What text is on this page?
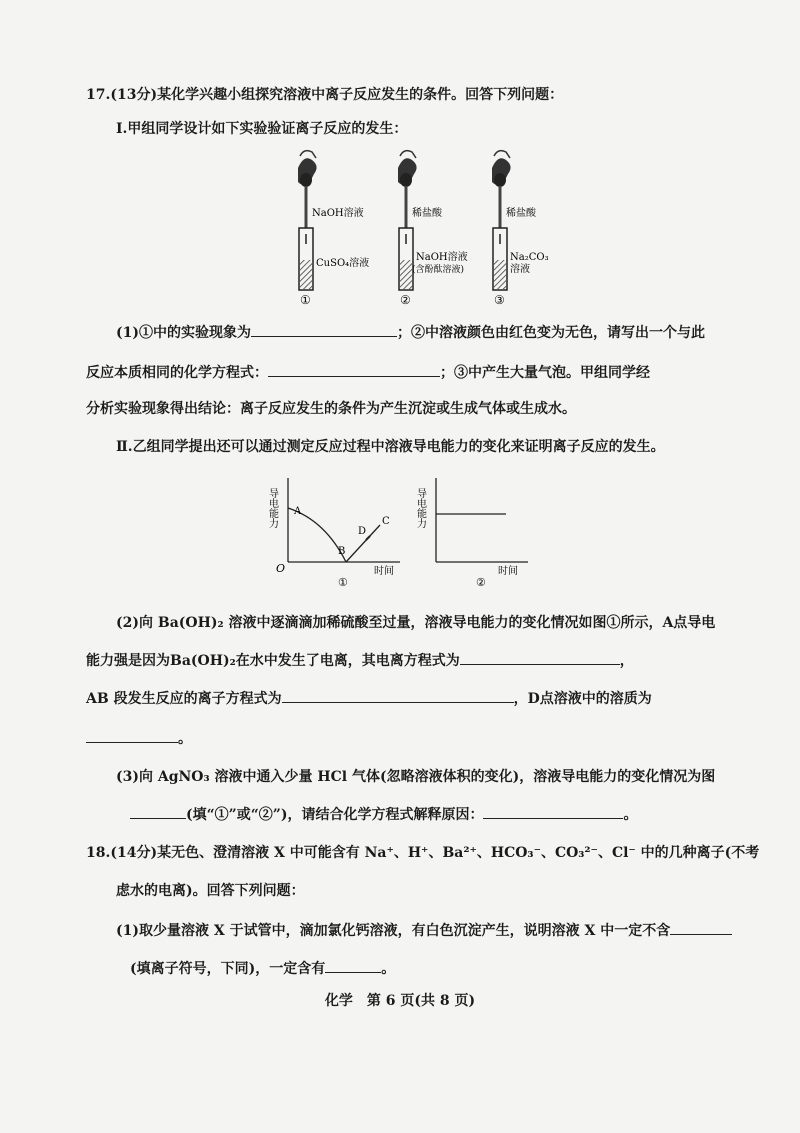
17.(13分)某化学兴趣小组探究溶液中离子反应发生的条件。回答下列问题：
Ⅰ.甲组同学设计如下实验验证离子反应的发生：
NaOH溶液
CuSO₄溶液
①
稀盐酸
NaOH溶液
(含酚酞溶液)
②
稀盐酸
Na₂CO₃
溶液
③
(1)①中的实验现象为	；②中溶液颜色由红色变为无色，请写出一个与此
反应本质相同的化学方程式：	；③中产生大量气泡。甲组同学经
分析实验现象得出结论：离子反应发生的条件为产生沉淀或生成气体或生成水。
Ⅱ.乙组同学提出还可以通过测定反应过程中溶液导电能力的变化来证明离子反应的发生。
导电能力
O
A
B
C
D
时间
①
导电能力
时间
②
(2)向 Ba(OH)₂ 溶液中逐滴滴加稀硫酸至过量，溶液导电能力的变化情况如图①所示，A点导电
能力强是因为Ba(OH)₂在水中发生了电离，其电离方程式为	，
AB 段发生反应的离子方程式为	，D点溶液中的溶质为
。
(3)向 AgNO₃ 溶液中通入少量 HCl 气体(忽略溶液体积的变化)，溶液导电能力的变化情况为图
(填“①”或“②”)，请结合化学方程式解释原因：	。
18.(14分)某无色、澄清溶液 X 中可能含有 Na⁺、H⁺、Ba²⁺、HCO₃⁻、CO₃²⁻、Cl⁻ 中的几种离子(不考
虑水的电离)。回答下列问题：
(1)取少量溶液 X 于试管中，滴加氯化钙溶液，有白色沉淀产生，说明溶液 X 中一定不含
(填离子符号，下同)，一定含有	。
化学　第 6 页(共 8 页)
